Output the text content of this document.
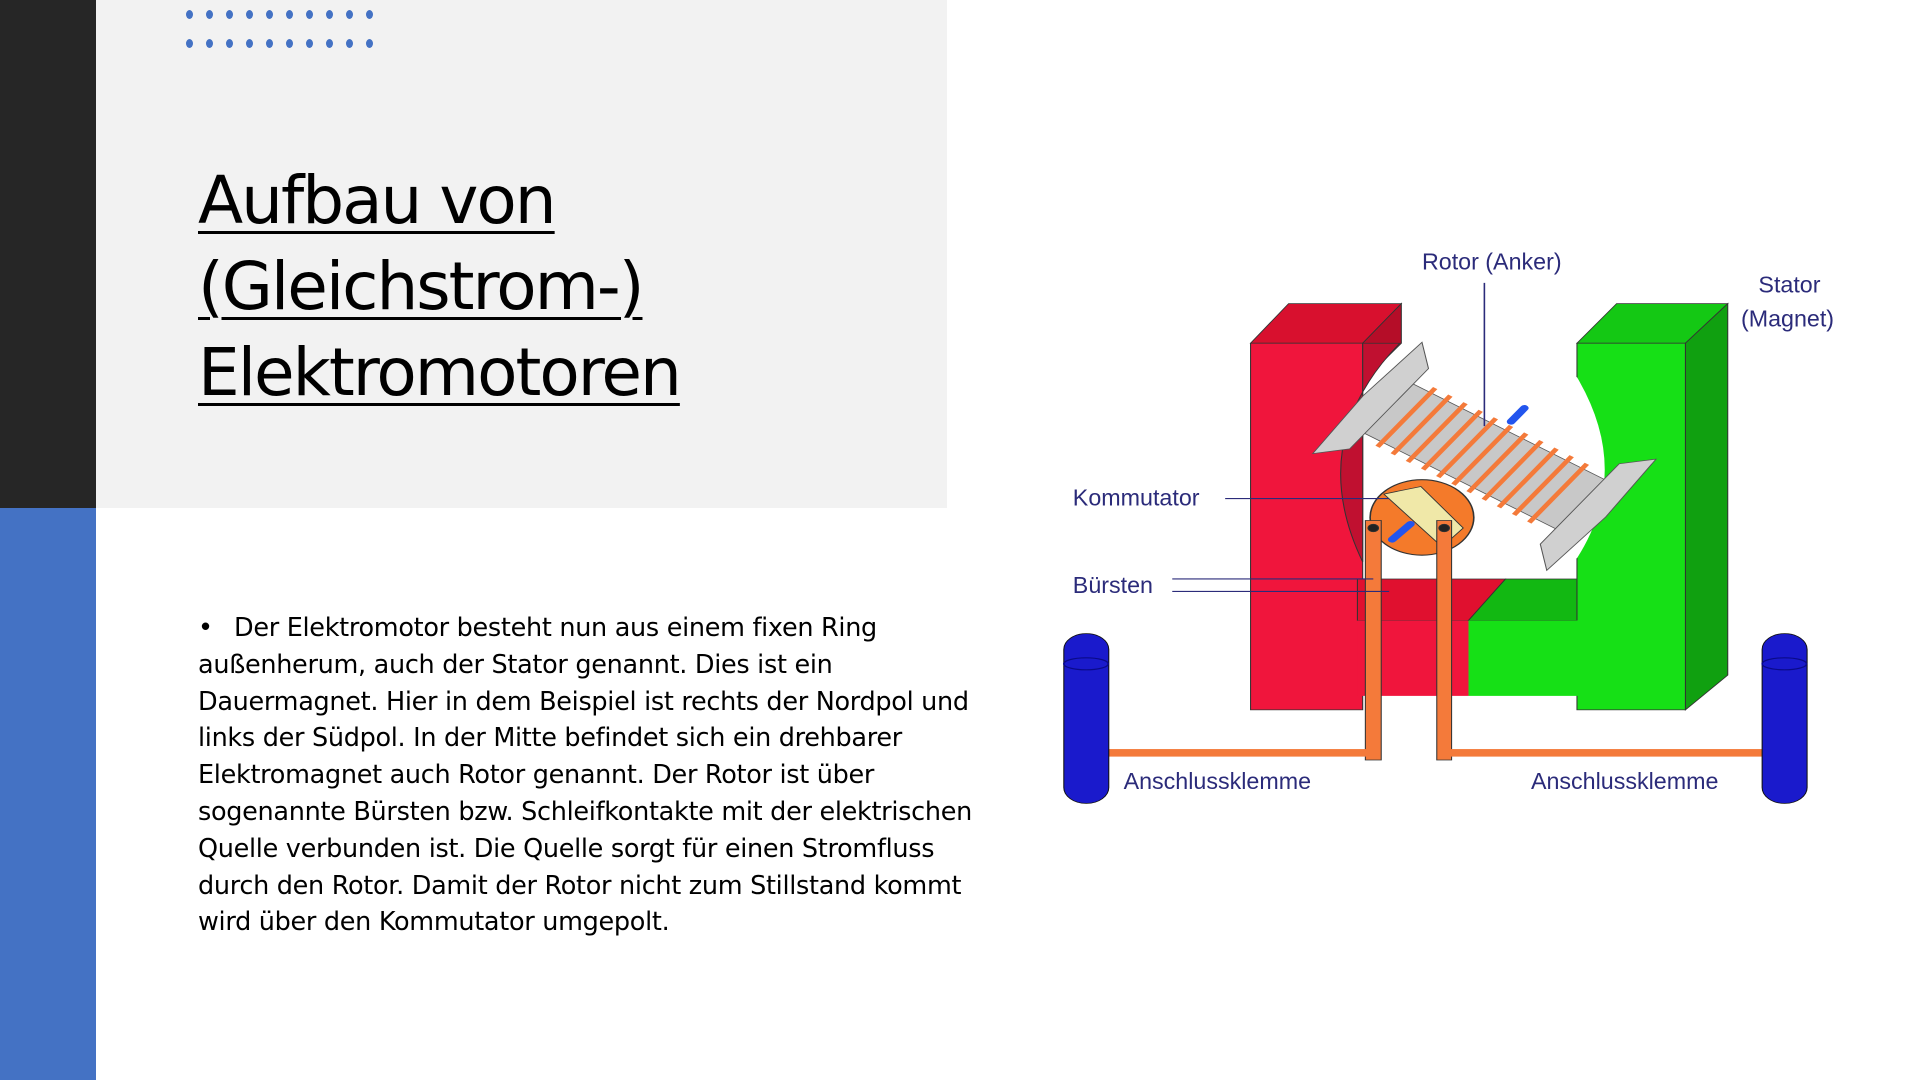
Aufbau von
(Gleichstrom-)
Elektromotoren
• Der Elektromotor besteht nun aus einem fixen Ring außenherum, auch der Stator genannt. Dies ist ein Dauermagnet. Hier in dem Beispiel ist rechts der Nordpol und links der Südpol. In der Mitte befindet sich ein drehbarer Elektromagnet auch Rotor genannt. Der Rotor ist über sogenannte Bürsten bzw. Schleifkontakte mit der elektrischen Quelle verbunden ist. Die Quelle sorgt für einen Stromfluss durch den Rotor. Damit der Rotor nicht zum Stillstand kommt wird über den Kommutator umgepolt.
Rotor (Anker)
Stator
(Magnet)
Kommutator
Bürsten
Anschlussklemme	Anschlussklemme
